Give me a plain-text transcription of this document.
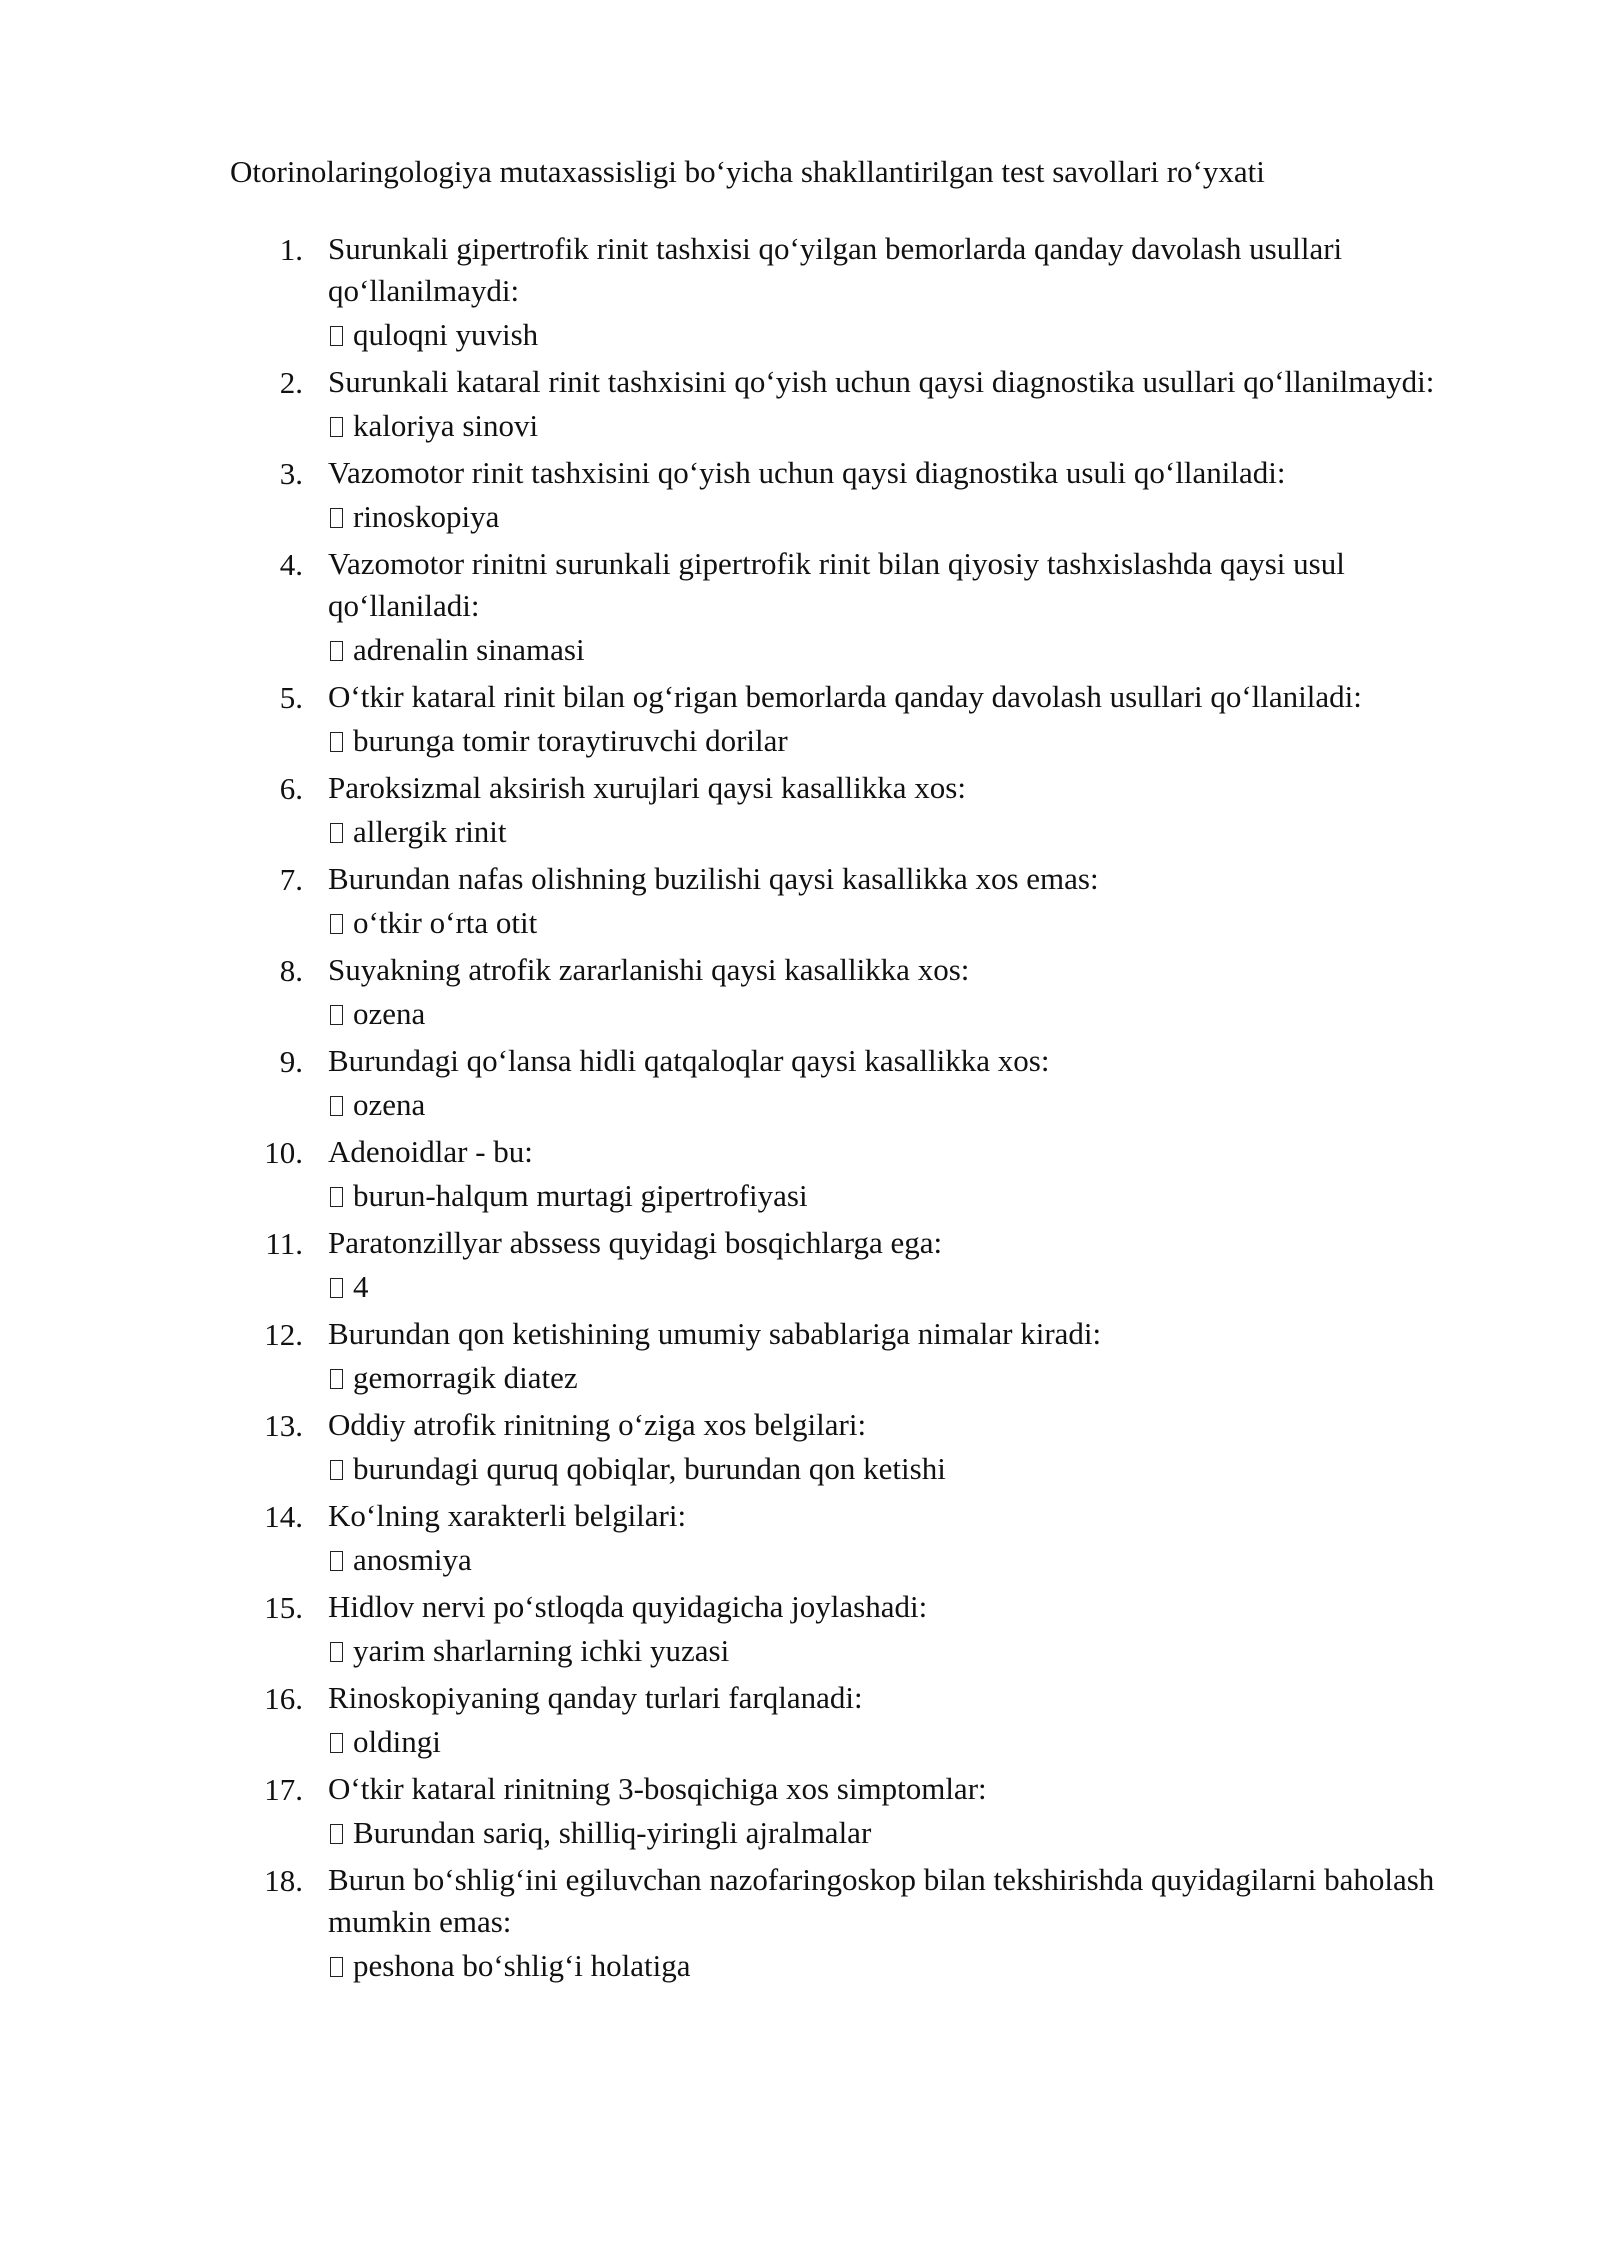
Otorinolaringologiya mutaxassisligi bo‘yicha shakllantirilgan test savollari ro‘yxati
1. Surunkali gipertrofik rinit tashxisi qo‘yilgan bemorlarda qanday davolash usullari qo‘llanilmaydi:
quloqni yuvish
2. Surunkali kataral rinit tashxisini qo‘yish uchun qaysi diagnostika usullari qo‘llanilmaydi:
kaloriya sinovi
3. Vazomotor rinit tashxisini qo‘yish uchun qaysi diagnostika usuli qo‘llaniladi:
rinoskopiya
4. Vazomotor rinitni surunkali gipertrofik rinit bilan qiyosiy tashxislashda qaysi usul qo‘llaniladi:
adrenalin sinamasi
5. O‘tkir kataral rinit bilan og‘rigan bemorlarda qanday davolash usullari qo‘llaniladi:
burunga tomir toraytiruvchi dorilar
6. Paroksizmal aksirish xurujlari qaysi kasallikka xos:
allergik rinit
7. Burundan nafas olishning buzilishi qaysi kasallikka xos emas:
o‘tkir o‘rta otit
8. Suyakning atrofik zararlanishi qaysi kasallikka xos:
ozena
9. Burundagi qo‘lansa hidli qatqaloqlar qaysi kasallikka xos:
ozena
10. Adenoidlar - bu:
burun-halqum murtagi gipertrofiyasi
11. Paratonzillyar abssess quyidagi bosqichlarga ega:
4
12. Burundan qon ketishining umumiy sabablariga nimalar kiradi:
gemorragik diatez
13. Oddiy atrofik rinitning o‘ziga xos belgilari:
burundagi quruq qobiqlar, burundan qon ketishi
14. Ko‘lning xarakterli belgilari:
anosmiya
15. Hidlov nervi po‘stloqda quyidagicha joylashadi:
yarim sharlarning ichki yuzasi
16. Rinoskopiyaning qanday turlari farqlanadi:
oldingi
17. O‘tkir kataral rinitning 3-bosqichiga xos simptomlar:
Burundan sariq, shilliq-yiringli ajralmalar
18. Burun bo‘shlig‘ini egiluvchan nazofaringoskop bilan tekshirishda quyidagilarni baholash mumkin emas:
peshona bo‘shlig‘i holatiga
